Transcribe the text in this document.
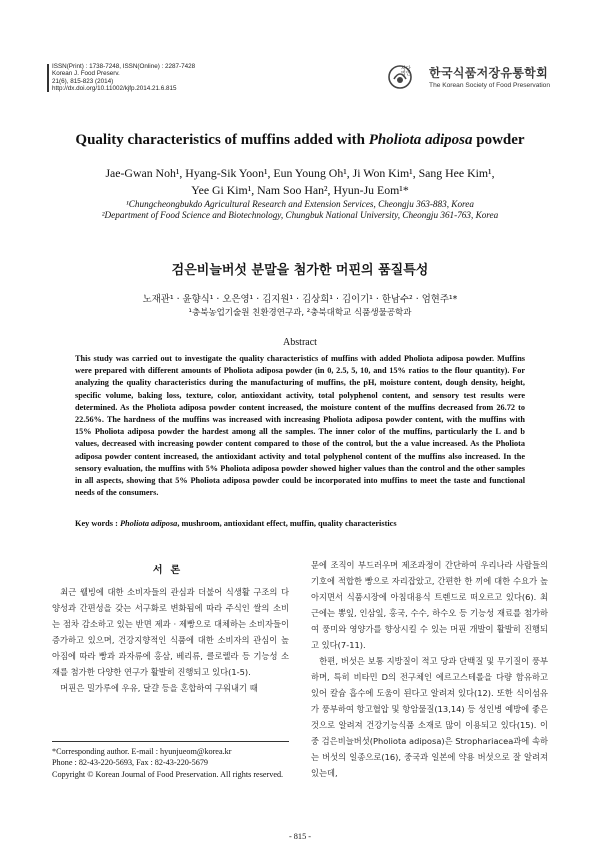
ISSN(Print) : 1738-7248, ISSN(Online) : 2287-7428
Korean J. Food Preserv.
21(6), 815-823 (2014)
http://dx.doi.org/10.11002/kjfp.2014.21.6.815
사단
법인 한국식품저장유통학회
The Korean Society of Food Preservation
Quality characteristics of muffins added with Pholiota adiposa powder
Jae-Gwan Noh¹, Hyang-Sik Yoon¹, Eun Young Oh¹, Ji Won Kim¹, Sang Hee Kim¹,
Yee Gi Kim¹, Nam Soo Han², Hyun-Ju Eom¹*
¹Chungcheongbukdo Agricultural Research and Extension Services, Cheongju 363-883, Korea
²Department of Food Science and Biotechnology, Chungbuk National University, Cheongju 361-763, Korea
검은비늘버섯 분말을 첨가한 머핀의 품질특성
노재관¹ · 윤향식¹ · 오은영¹ · 김지원¹ · 김상희¹ · 김이기¹ · 한남수² · 엄현주¹*
¹충북농업기술원 친환경연구과, ²충북대학교 식품생물공학과
Abstract
This study was carried out to investigate the quality characteristics of muffins with added Pholiota adiposa powder. Muffins were prepared with different amounts of Pholiota adiposa powder (in 0, 2.5, 5, 10, and 15% ratios to the flour quantity). For analyzing the quality characteristics during the manufacturing of muffins, the pH, moisture content, dough density, height, specific volume, baking loss, texture, color, antioxidant activity, total polyphenol content, and sensory test results were determined. As the Pholiota adiposa powder content increased, the moisture content of the muffins decreased from 26.72 to 22.56%. The hardness of the muffins was increased with increasing Pholiota adiposa powder content, with the muffins with 15% Pholiota adiposa powder the hardest among all the samples. The inner color of the muffins, particularly the L and b values, decreased with increasing powder content compared to those of the control, but the a value increased. As the Pholiota adiposa powder content increased, the antioxidant activity and total polyphenol content of the muffins also increased. In the sensory evaluation, the muffins with 5% Pholiota adiposa powder showed higher values than the control and the other samples in all aspects, showing that 5% Pholiota adiposa powder could be incorporated into muffins to meet the taste and functional needs of the consumers.
Key words : Pholiota adiposa, mushroom, antioxidant effect, muffin, quality characteristics
서론

최근 웰빙에 대한 소비자들의 관심과 더불어 식생활 구조의 다양성과 간편성을 갖는 서구화로 변화됨에 따라 주식인 쌀의 소비는 점차 감소하고 있는 반면 제과 · 제빵으로 대체하는 소비자들이 증가하고 있으며, 건강지향적인 식품에 대한 소비자의 관심이 높아짐에 따라 빵과 과자류에 홍삼, 베리류, 클로렐라 등 기능성 소재를 첨가한 다양한 연구가 활발히 진행되고 있다(1-5).

머핀은 밀가루에 우유, 달걀 등을 혼합하여 구워내기 때

문에 조직이 부드러우며 제조과정이 간단하여 우리나라 사람들의 기호에 적합한 빵으로 자리잡았고, 간편한 한 끼에 대한 수요가 높아지면서 식품시장에 아침대용식 트렌드로 떠오르고 있다(6). 최근에는 뽕잎, 인삼잎, 홍국, 수수, 하수오 등 기능성 재료를 첨가하여 풍미와 영양가를 향상시킬 수 있는 머핀 개발이 활발히 진행되고 있다(7-11).

한편, 버섯은 보통 지방질이 적고 당과 단백질 및 무기질이 풍부하며, 특히 비타민 D의 전구체인 에르고스테롤을 다량 함유하고 있어 칼슘 흡수에 도움이 된다고 알려져 있다(12). 또한 식이섬유가 풍부하여 항고혈압 및 항암물질(13,14) 등 성인병 예방에 좋은 것으로 알려져 건강기능식품 소재로 많이 이용되고 있다(15). 이 중 검은비늘버섯(Pholiota adiposa)은 Strophariacea과에 속하는 버섯의 일종으로(16), 중국과 일본에 약용 버섯으로 잘 알려져 있는데,

*Corresponding author. E-mail : hyunjueom@korea.kr
Phone : 82-43-220-5693, Fax : 82-43-220-5679
Copyright © Korean Journal of Food Preservation. All rights reserved.
- 815 -
